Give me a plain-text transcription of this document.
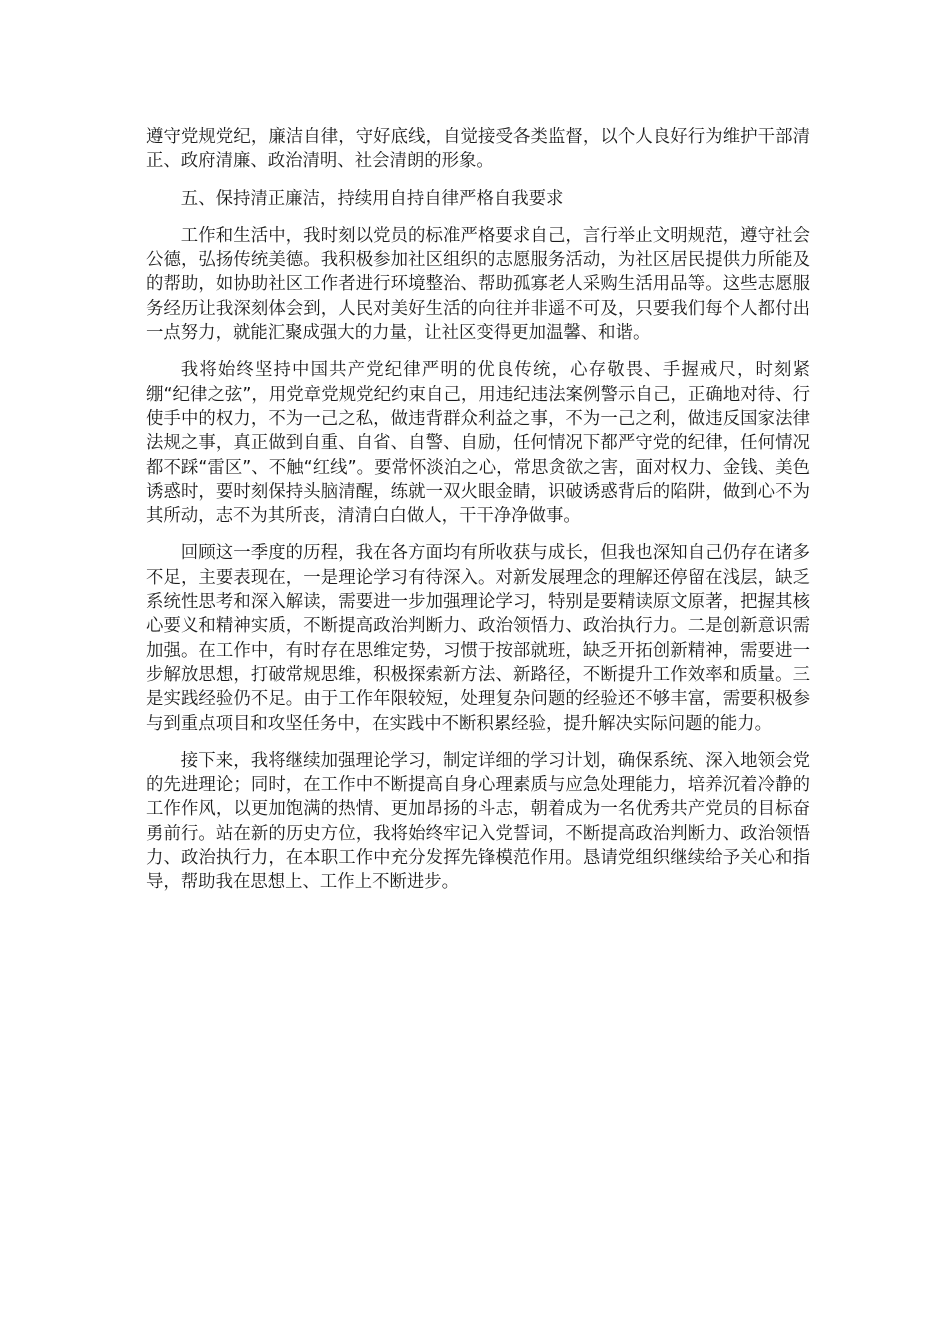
遵守党规党纪，廉洁自律，守好底线，自觉接受各类监督，以个人良好行为维护干部清正、政府清廉、政治清明、社会清朗的形象。

五、保持清正廉洁，持续用自持自律严格自我要求

工作和生活中，我时刻以党员的标准严格要求自己，言行举止文明规范，遵守社会公德，弘扬传统美德。我积极参加社区组织的志愿服务活动，为社区居民提供力所能及的帮助，如协助社区工作者进行环境整治、帮助孤寡老人采购生活用品等。这些志愿服务经历让我深刻体会到，人民对美好生活的向往并非遥不可及，只要我们每个人都付出一点努力，就能汇聚成强大的力量，让社区变得更加温馨、和谐。

我将始终坚持中国共产党纪律严明的优良传统，心存敬畏、手握戒尺，时刻紧绷“纪律之弦”，用党章党规党纪约束自己，用违纪违法案例警示自己，正确地对待、行使手中的权力，不为一己之私，做违背群众利益之事，不为一己之利，做违反国家法律法规之事，真正做到自重、自省、自警、自励，任何情况下都严守党的纪律，任何情况都不踩“雷区”、不触“红线”。要常怀淡泊之心，常思贪欲之害，面对权力、金钱、美色诱惑时，要时刻保持头脑清醒，练就一双火眼金睛，识破诱惑背后的陷阱，做到心不为其所动，志不为其所丧，清清白白做人，干干净净做事。

回顾这一季度的历程，我在各方面均有所收获与成长，但我也深知自己仍存在诸多不足，主要表现在，一是理论学习有待深入。对新发展理念的理解还停留在浅层，缺乏系统性思考和深入解读，需要进一步加强理论学习，特别是要精读原文原著，把握其核心要义和精神实质，不断提高政治判断力、政治领悟力、政治执行力。二是创新意识需加强。在工作中，有时存在思维定势，习惯于按部就班，缺乏开拓创新精神，需要进一步解放思想，打破常规思维，积极探索新方法、新路径，不断提升工作效率和质量。三是实践经验仍不足。由于工作年限较短，处理复杂问题的经验还不够丰富，需要积极参与到重点项目和攻坚任务中，在实践中不断积累经验，提升解决实际问题的能力。

接下来，我将继续加强理论学习，制定详细的学习计划，确保系统、深入地领会党的先进理论；同时，在工作中不断提高自身心理素质与应急处理能力，培养沉着冷静的工作作风，以更加饱满的热情、更加昂扬的斗志，朝着成为一名优秀共产党员的目标奋勇前行。站在新的历史方位，我将始终牢记入党誓词，不断提高政治判断力、政治领悟力、政治执行力，在本职工作中充分发挥先锋模范作用。恳请党组织继续给予关心和指导，帮助我在思想上、工作上不断进步。
